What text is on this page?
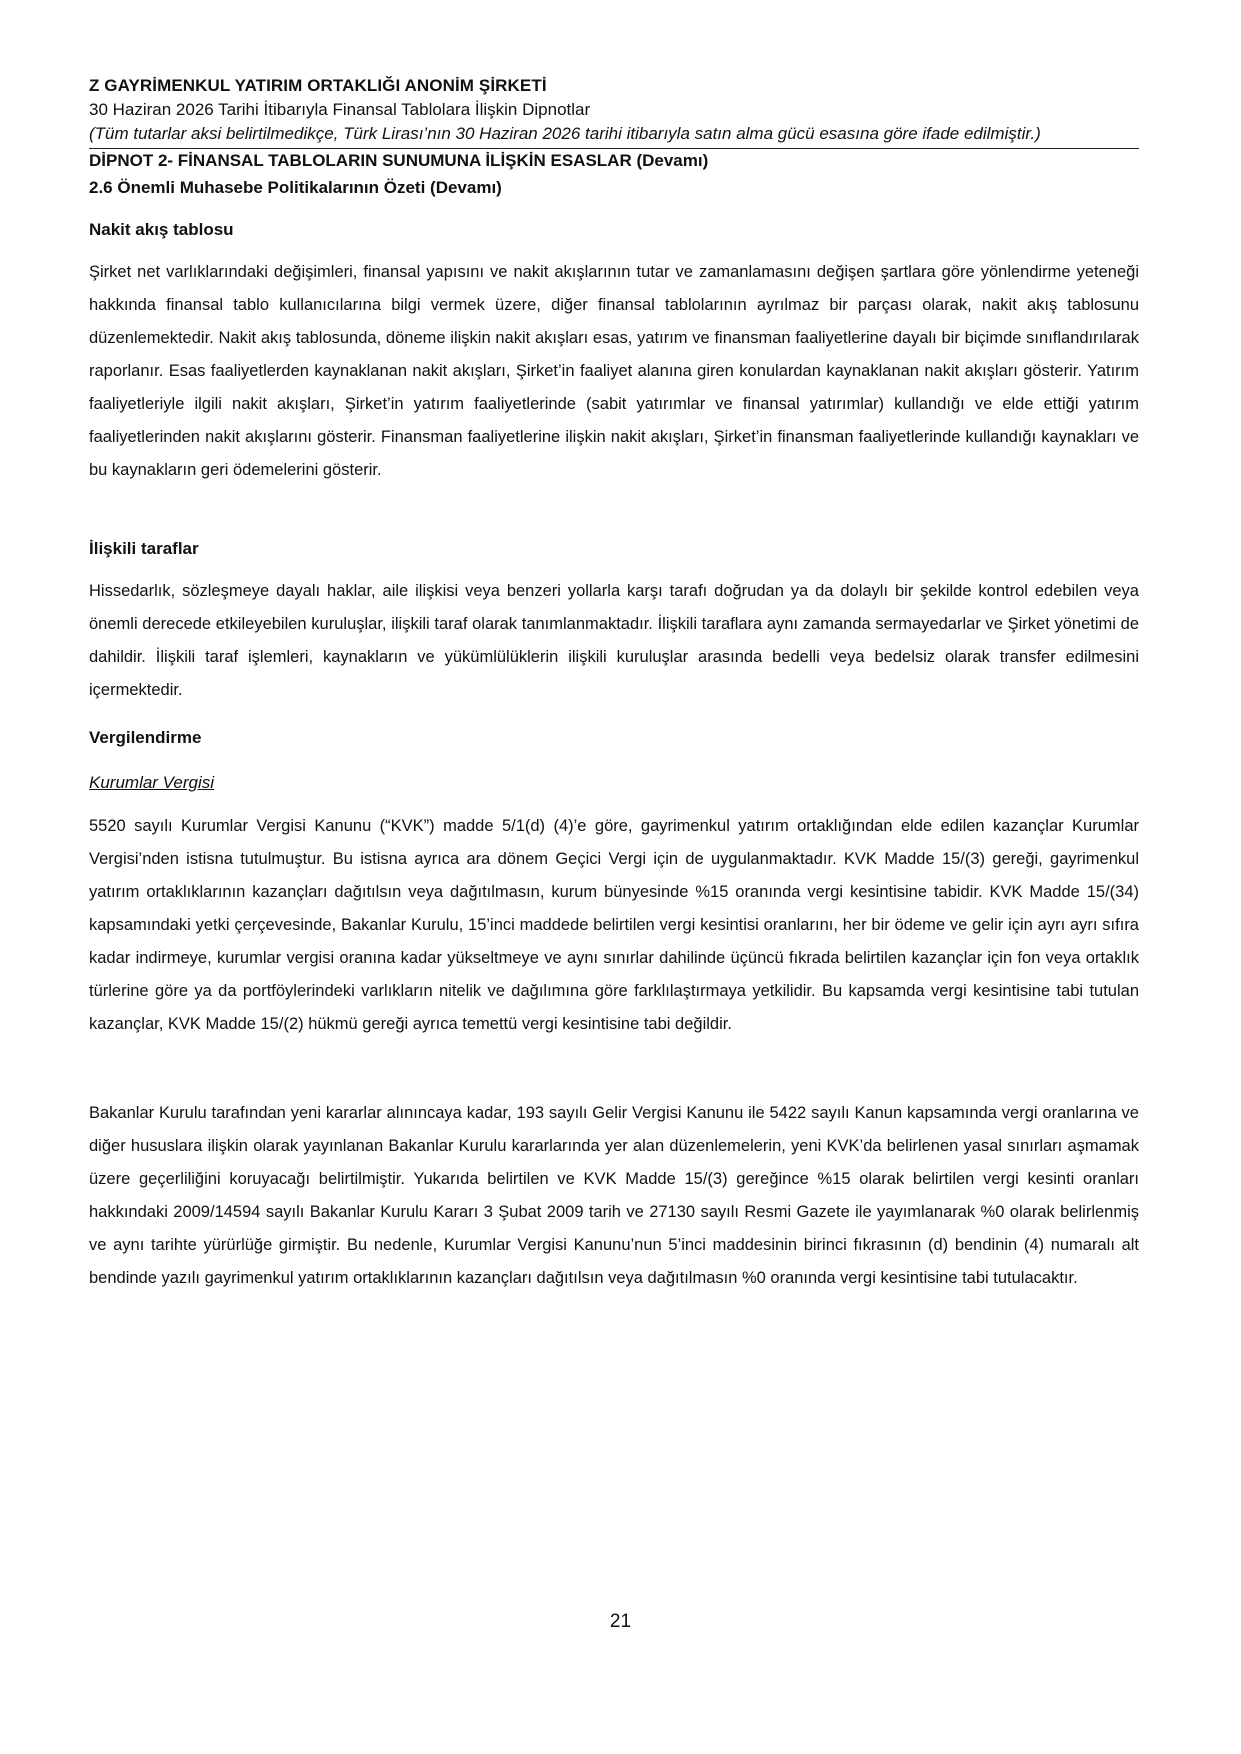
Z GAYRİMENKUL YATIRIM ORTAKLIĞI ANONİM ŞİRKETİ
30 Haziran 2026 Tarihi İtibarıyla Finansal Tablolara İlişkin Dipnotlar
(Tüm tutarlar aksi belirtilmedikçe, Türk Lirası’nın 30 Haziran 2026 tarihi itibarıyla satın alma gücü esasına göre ifade edilmiştir.)
DİPNOT 2- FİNANSAL TABLOLARIN SUNUMUNA İLİŞKİN ESASLAR (Devamı)
2.6 Önemli Muhasebe Politikalarının Özeti (Devamı)
Nakit akış tablosu

Şirket net varlıklarındaki değişimleri, finansal yapısını ve nakit akışlarının tutar ve zamanlamasını değişen şartlara göre yönlendirme yeteneği hakkında finansal tablo kullanıcılarına bilgi vermek üzere, diğer finansal tablolarının ayrılmaz bir parçası olarak, nakit akış tablosunu düzenlemektedir. Nakit akış tablosunda, döneme ilişkin nakit akışları esas, yatırım ve finansman faaliyetlerine dayalı bir biçimde sınıflandırılarak raporlanır. Esas faaliyetlerden kaynaklanan nakit akışları, Şirket’in faaliyet alanına giren konulardan kaynaklanan nakit akışları gösterir. Yatırım faaliyetleriyle ilgili nakit akışları, Şirket’in yatırım faaliyetlerinde (sabit yatırımlar ve finansal yatırımlar) kullandığı ve elde ettiği yatırım faaliyetlerinden nakit akışlarını gösterir. Finansman faaliyetlerine ilişkin nakit akışları, Şirket’in finansman faaliyetlerinde kullandığı kaynakları ve bu kaynakların geri ödemelerini gösterir.

İlişkili taraflar

Hissedarlık, sözleşmeye dayalı haklar, aile ilişkisi veya benzeri yollarla karşı tarafı doğrudan ya da dolaylı bir şekilde kontrol edebilen veya önemli derecede etkileyebilen kuruluşlar, ilişkili taraf olarak tanımlanmaktadır. İlişkili taraflara aynı zamanda sermayedarlar ve Şirket yönetimi de dahildir. İlişkili taraf işlemleri, kaynakların ve yükümlülüklerin ilişkili kuruluşlar arasında bedelli veya bedelsiz olarak transfer edilmesini içermektedir.

Vergilendirme
Kurumlar Vergisi

5520 sayılı Kurumlar Vergisi Kanunu (“KVK”) madde 5/1(d) (4)’e göre, gayrimenkul yatırım ortaklığından elde edilen kazançlar Kurumlar Vergisi’nden istisna tutulmuştur. Bu istisna ayrıca ara dönem Geçici Vergi için de uygulanmaktadır. KVK Madde 15/(3) gereği, gayrimenkul yatırım ortaklıklarının kazançları dağıtılsın veya dağıtılmasın, kurum bünyesinde %15 oranında vergi kesintisine tabidir. KVK Madde 15/(34) kapsamındaki yetki çerçevesinde, Bakanlar Kurulu, 15’inci maddede belirtilen vergi kesintisi oranlarını, her bir ödeme ve gelir için ayrı ayrı sıfıra kadar indirmeye, kurumlar vergisi oranına kadar yükseltmeye ve aynı sınırlar dahilinde üçüncü fıkrada belirtilen kazançlar için fon veya ortaklık türlerine göre ya da portföylerindeki varlıkların nitelik ve dağılımına göre farklılaştırmaya yetkilidir. Bu kapsamda vergi kesintisine tabi tutulan kazançlar, KVK Madde 15/(2) hükmü gereği ayrıca temettü vergi kesintisine tabi değildir.

Bakanlar Kurulu tarafından yeni kararlar alınıncaya kadar, 193 sayılı Gelir Vergisi Kanunu ile 5422 sayılı Kanun kapsamında vergi oranlarına ve diğer hususlara ilişkin olarak yayınlanan Bakanlar Kurulu kararlarında yer alan düzenlemelerin, yeni KVK’da belirlenen yasal sınırları aşmamak üzere geçerliliğini koruyacağı belirtilmiştir. Yukarıda belirtilen ve KVK Madde 15/(3) gereğince %15 olarak belirtilen vergi kesinti oranları hakkındaki 2009/14594 sayılı Bakanlar Kurulu Kararı 3 Şubat 2009 tarih ve 27130 sayılı Resmi Gazete ile yayımlanarak %0 olarak belirlenmiş ve aynı tarihte yürürlüğe girmiştir. Bu nedenle, Kurumlar Vergisi Kanunu’nun 5’inci maddesinin birinci fıkrasının (d) bendinin (4) numaralı alt bendinde yazılı gayrimenkul yatırım ortaklıklarının kazançları dağıtılsın veya dağıtılmasın %0 oranında vergi kesintisine tabi tutulacaktır.

21
